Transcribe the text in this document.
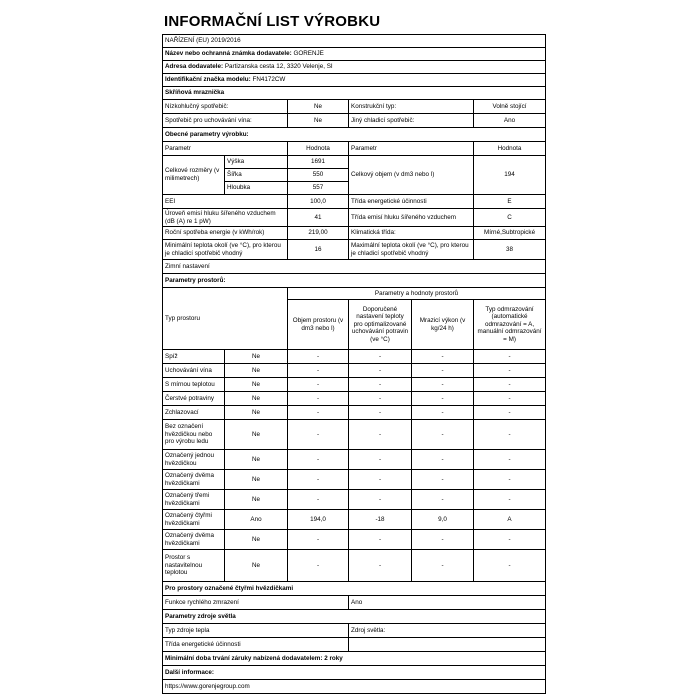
INFORMAČNÍ LIST VÝROBKU
NAŘÍZENÍ (EU) 2019/2016					
Název nebo ochranná známka dodavatele: GORENJE					
Adresa dodavatele: Partizanska cesta 12, 3320 Velenje, SI					
Identifikační značka modelu: FN4172CW					
Skříňová mraznička					
Nízkohlučný spotřebič:		Ne	Konstrukční typ:		Volně stojící
Spotřebič pro uchovávání vína:		Ne	Jiný chladicí spotřebič:		Ano
Obecné parametry výrobku:					
Parametr		Hodnota	Parametr		Hodnota
Celkové rozměry (v milimetrech)	Výška	1691	Celkový objem (v dm3 nebo l)		194
	Šířka	550			
	Hloubka	557			
EEI		100,0	Třída energetické účinnosti		E
Úroveň emisí hluku šířeného vzduchem (dB (A) re 1 pW)		41	Třída emisí hluku šířeného vzduchem		C
Roční spotřeba energie (v kWh/rok)		219,00	Klimatická třída:		Mírné,Subtropické
Minimální teplota okolí (ve °C), pro kterou je chladicí spotřebič vhodný		16	Maximální teplota okolí (ve °C), pro kterou je chladicí spotřebič vhodný		38
Zimní nastavení					
Parametry prostorů:					
Typ prostoru		Parametry a hodnoty prostorů			
		Objem prostoru (v dm3 nebo l)	Doporučené nastavení teploty pro optimalizované uchovávání potravin (ve °C)	Mrazicí výkon (v kg/24 h)	Typ odmrazování (automatické odmrazování = A, manuální odmrazování = M)
Spíž	Ne	-	-	-	-
Uchovávání vína	Ne	-	-	-	-
S mírnou teplotou	Ne	-	-	-	-
Čerstvé potraviny	Ne	-	-	-	-
Zchlazovací	Ne	-	-	-	-
Bez označení hvězdičkou nebo pro výrobu ledu	Ne	-	-	-	-
Označený jednou hvězdičkou	Ne	-	-	-	-
Označený dvěma hvězdičkami	Ne	-	-	-	-
Označený třemi hvězdičkami	Ne	-	-	-	-
Označený čtyřmi hvězdičkami	Ano	194,0	-18	9,0	A
Označený dvěma hvězdičkami	Ne	-	-	-	-
Prostor s nastavitelnou teplotou	Ne	-	-	-	-
Pro prostory označené čtyřmi hvězdičkami					
Funkce rychlého zmrazení			Ano		
Parametry zdroje světla					
Typ zdroje tepla			Zdroj světla:		
Třída energetické účinnosti					
Minimální doba trvání záruky nabízená dodavatelem: 2 roky					
Další informace:					
https://www.gorenjegroup.com					
